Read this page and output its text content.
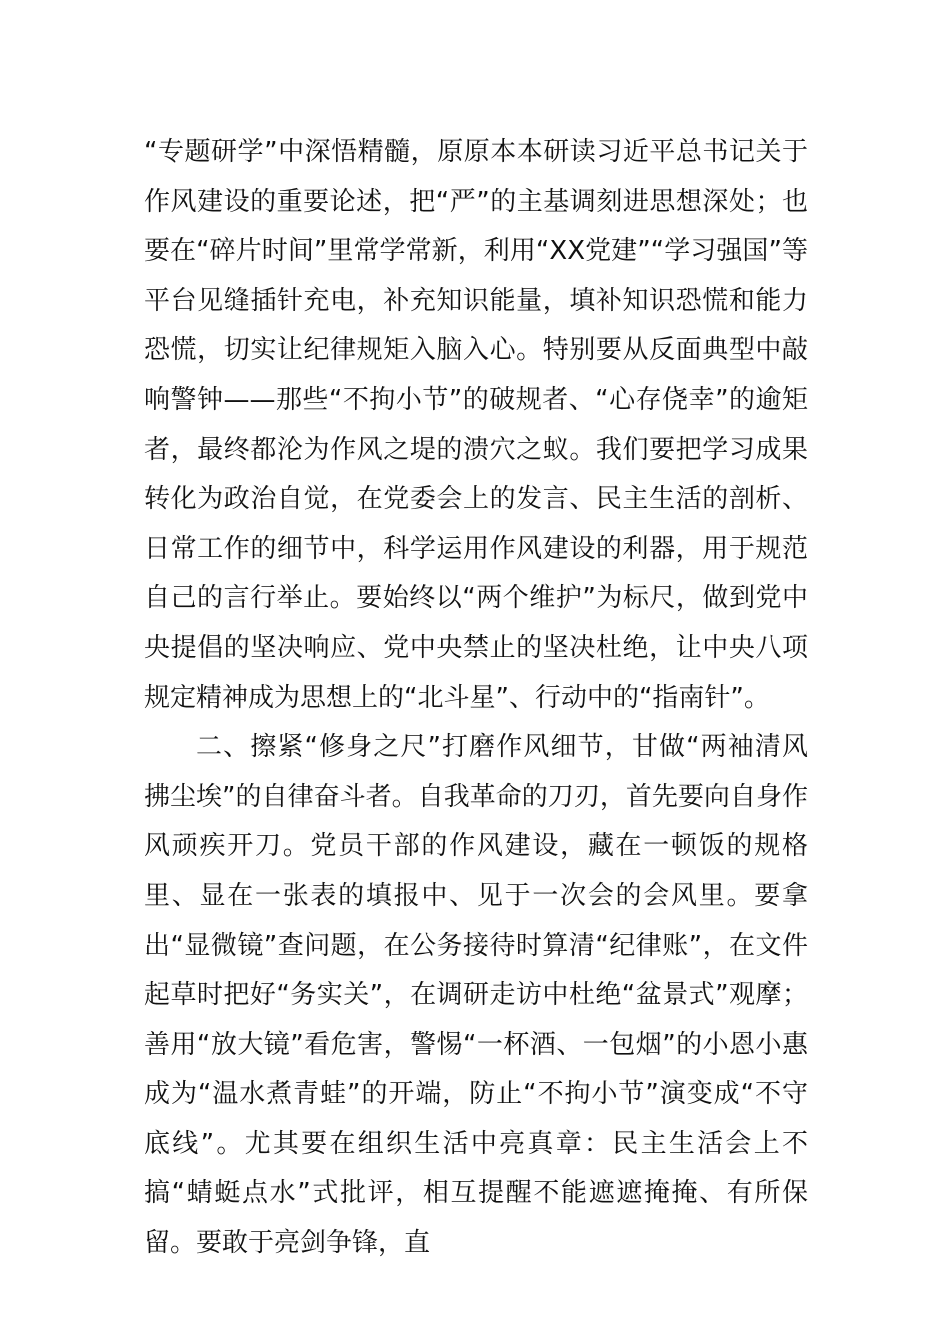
“专题研学”中深悟精髓，原原本本研读习近平总书记关于作风建设的重要论述，把“严”的主基调刻进思想深处；也要在“碎片时间”里常学常新，利用“XX党建”“学习强国”等平台见缝插针充电，补充知识能量，填补知识恐慌和能力恐慌，切实让纪律规矩入脑入心。特别要从反面典型中敲响警钟——那些“不拘小节”的破规者、“心存侥幸”的逾矩者，最终都沦为作风之堤的溃穴之蚁。我们要把学习成果转化为政治自觉，在党委会上的发言、民主生活的剖析、日常工作的细节中，科学运用作风建设的利器，用于规范自己的言行举止。要始终以“两个维护”为标尺，做到党中央提倡的坚决响应、党中央禁止的坚决杜绝，让中央八项规定精神成为思想上的“北斗星”、行动中的“指南针”。

二、擦紧“修身之尺”打磨作风细节，甘做“两袖清风拂尘埃”的自律奋斗者。自我革命的刀刃，首先要向自身作风顽疾开刀。党员干部的作风建设，藏在一顿饭的规格里、显在一张表的填报中、见于一次会的会风里。要拿出“显微镜”查问题，在公务接待时算清“纪律账”，在文件起草时把好“务实关”，在调研走访中杜绝“盆景式”观摩；善用“放大镜”看危害，警惕“一杯酒、一包烟”的小恩小惠成为“温水煮青蛙”的开端，防止“不拘小节”演变成“不守底线”。尤其要在组织生活中亮真章：民主生活会上不搞“蜻蜓点水”式批评，相互提醒不能遮遮掩掩、有所保留。要敢于亮剑争锋，直
